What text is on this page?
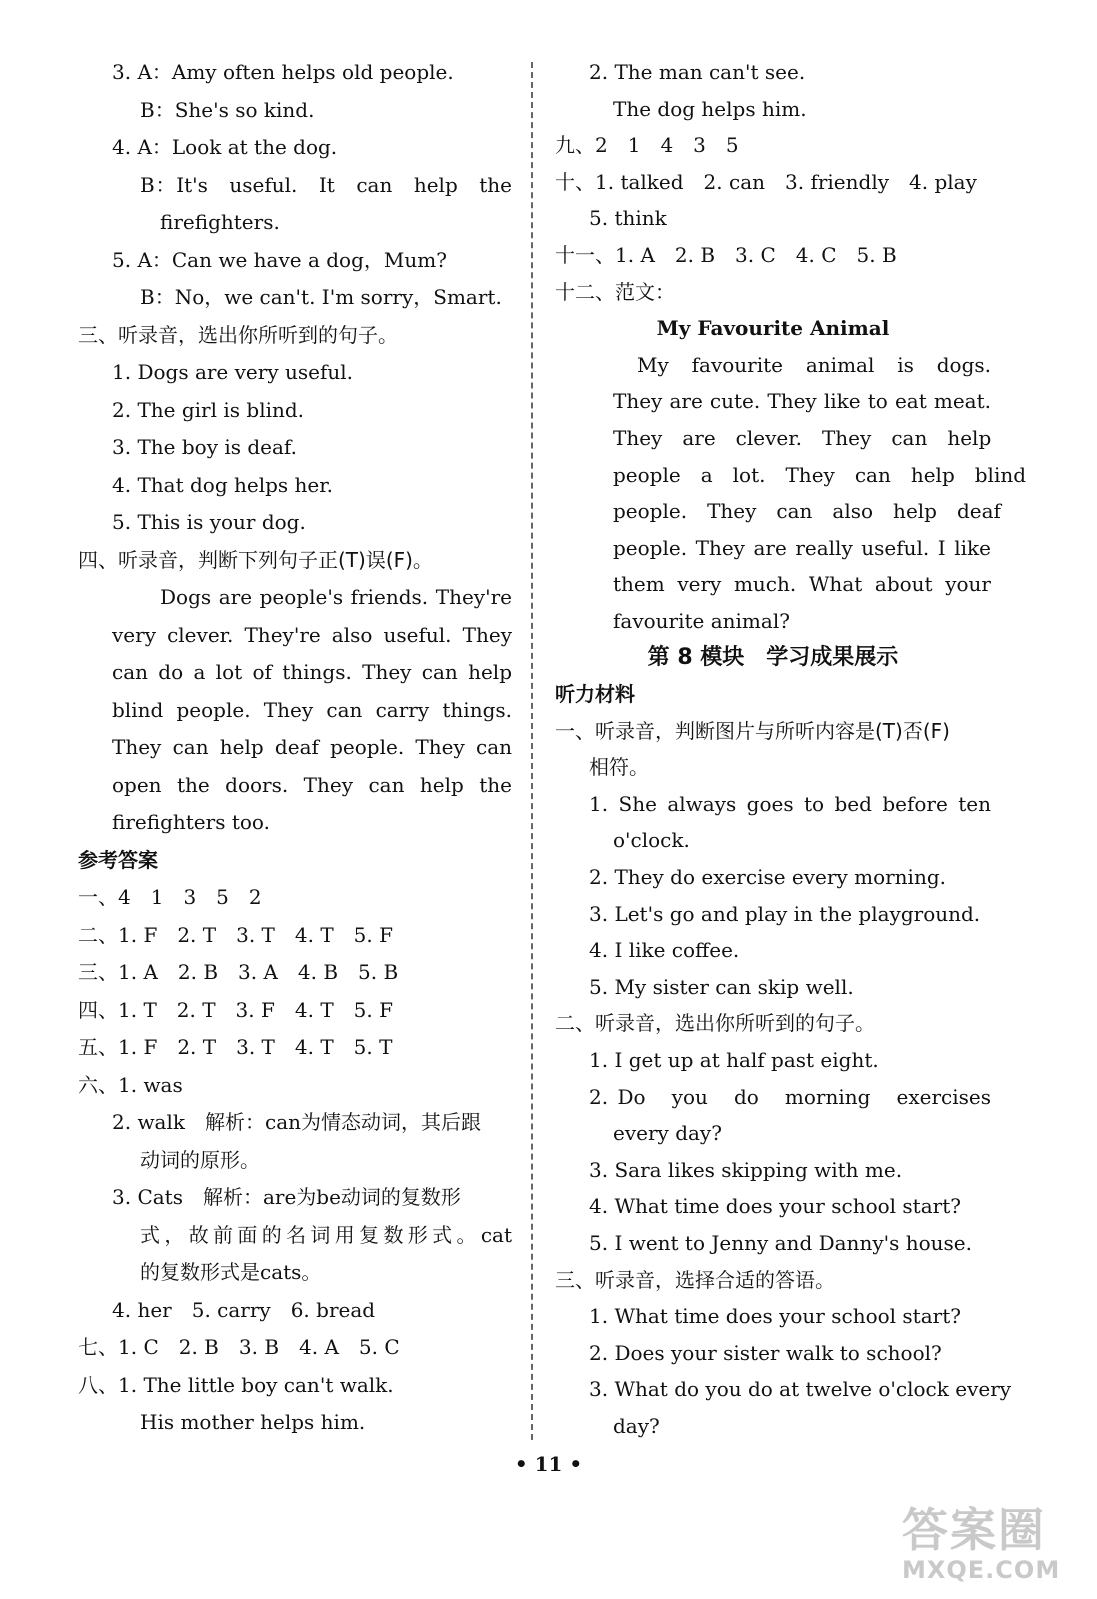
3. A：Amy often helps old people.
B：She's so kind.
4. A：Look at the dog.
B：It's　useful.　It　can　help　the
firefighters.
5. A：Can we have a dog，Mum?
B：No，we can't. I'm sorry，Smart.
三、听录音，选出你所听到的句子。
1. Dogs are very useful.
2. The girl is blind.
3. The boy is deaf.
4. That dog helps her.
5. This is your dog.
四、听录音，判断下列句子正(T)误(F)。
Dogs are people's friends. They're
very clever. They're also useful. They
can do a lot of things. They can help
blind people. They can carry things.
They can help deaf people. They can
open the doors. They can help the
firefighters too.
参考答案
一、4　1　3　5　2
二、1. F　2. T　3. T　4. T　5. F
三、1. A　2. B　3. A　4. B　5. B
四、1. T　2. T　3. F　4. T　5. F
五、1. F　2. T　3. T　4. T　5. T
六、1. was
2. walk　解析：can为情态动词，其后跟
动词的原形。
3. Cats　解析：are为be动词的复数形
式，故前面的名词用复数形式。cat
的复数形式是cats。
4. her　5. carry　6. bread
七、1. C　2. B　3. B　4. A　5. C
八、1. The little boy can't walk.
His mother helps him.
2. The man can't see.
The dog helps him.
九、2　1　4　3　5
十、1. talked　2. can　3. friendly　4. play
5. think
十一、1. A　2. B　3. C　4. C　5. B
十二、范文：
My Favourite Animal
My　favourite　animal　is　dogs.
They are cute. They like to eat meat.
They　are　clever.　They　can　help
people　a　lot.　They　can　help　blind
people.　They　can　also　help　deaf
people. They are really useful. I like
them very much. What about your
favourite animal?
第 8 模块　学习成果展示
听力材料
一、听录音，判断图片与所听内容是(T)否(F)
相符。
1. She always goes to bed before ten
o'clock.
2. They do exercise every morning.
3. Let's go and play in the playground.
4. I like coffee.
5. My sister can skip well.
二、听录音，选出你所听到的句子。
1. I get up at half past eight.
2. Do　you　do　morning　exercises
every day?
3. Sara likes skipping with me.
4. What time does your school start?
5. I went to Jenny and Danny's house.
三、听录音，选择合适的答语。
1. What time does your school start?
2. Does your sister walk to school?
3. What do you do at twelve o'clock every
day?
• 11 •
答案圈
MXQE.COM
